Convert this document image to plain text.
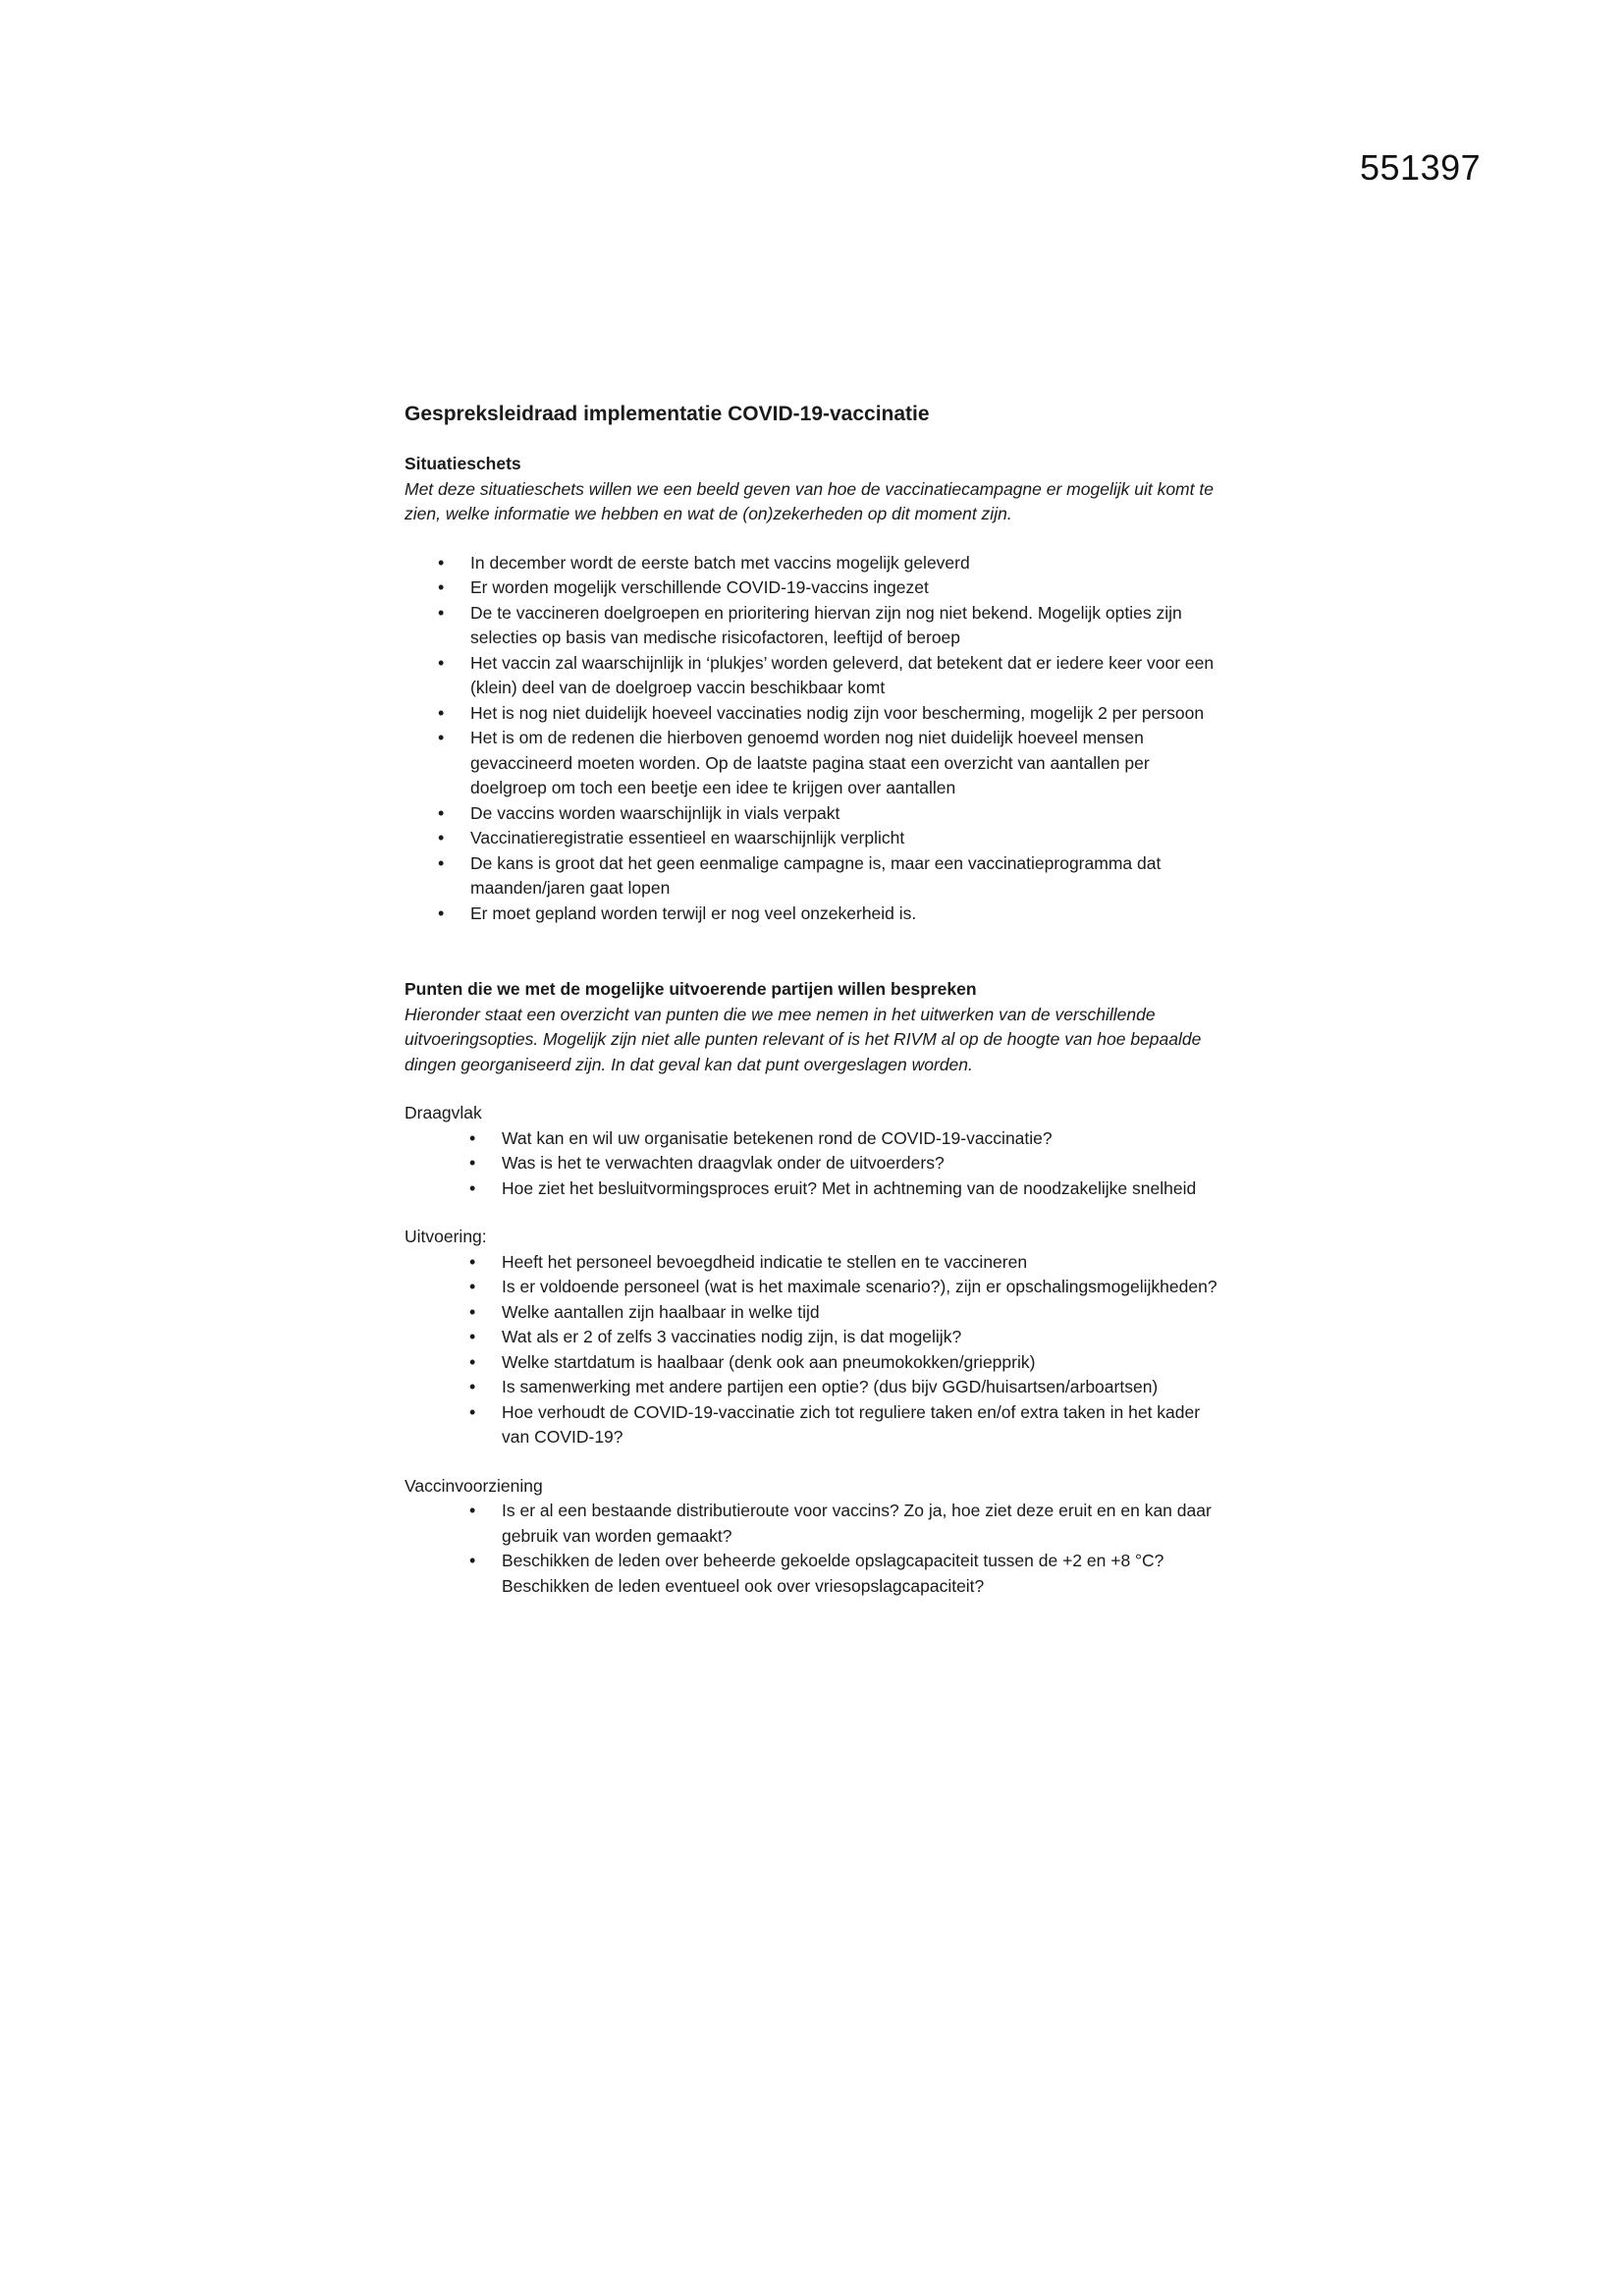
551397
Gespreksleidraad implementatie COVID-19-vaccinatie

Situatieschets

Met deze situatieschets willen we een beeld geven van hoe de vaccinatiecampagne er mogelijk uit komt te zien, welke informatie we hebben en wat de (on)zekerheden op dit moment zijn.

• In december wordt de eerste batch met vaccins mogelijk geleverd
• Er worden mogelijk verschillende COVID-19-vaccins ingezet
• De te vaccineren doelgroepen en prioritering hiervan zijn nog niet bekend. Mogelijk opties zijn selecties op basis van medische risicofactoren, leeftijd of beroep
• Het vaccin zal waarschijnlijk in ‘plukjes’ worden geleverd, dat betekent dat er iedere keer voor een (klein) deel van de doelgroep vaccin beschikbaar komt
• Het is nog niet duidelijk hoeveel vaccinaties nodig zijn voor bescherming, mogelijk 2 per persoon
• Het is om de redenen die hierboven genoemd worden nog niet duidelijk hoeveel mensen gevaccineerd moeten worden. Op de laatste pagina staat een overzicht van aantallen per doelgroep om toch een beetje een idee te krijgen over aantallen
• De vaccins worden waarschijnlijk in vials verpakt
• Vaccinatieregistratie essentieel en waarschijnlijk verplicht
• De kans is groot dat het geen eenmalige campagne is, maar een vaccinatieprogramma dat maanden/jaren gaat lopen
• Er moet gepland worden terwijl er nog veel onzekerheid is.

Punten die we met de mogelijke uitvoerende partijen willen bespreken

Hieronder staat een overzicht van punten die we mee nemen in het uitwerken van de verschillende uitvoeringsopties. Mogelijk zijn niet alle punten relevant of is het RIVM al op de hoogte van hoe bepaalde dingen georganiseerd zijn. In dat geval kan dat punt overgeslagen worden.

Draagvlak

• Wat kan en wil uw organisatie betekenen rond de COVID-19-vaccinatie?
• Was is het te verwachten draagvlak onder de uitvoerders?
• Hoe ziet het besluitvormingsproces eruit? Met in achtneming van de noodzakelijke snelheid

Uitvoering:

• Heeft het personeel bevoegdheid indicatie te stellen en te vaccineren
• Is er voldoende personeel (wat is het maximale scenario?), zijn er opschalingsmogelijkheden?
• Welke aantallen zijn haalbaar in welke tijd
• Wat als er 2 of zelfs 3 vaccinaties nodig zijn, is dat mogelijk?
• Welke startdatum is haalbaar (denk ook aan pneumokokken/griepprik)
• Is samenwerking met andere partijen een optie? (dus bijv GGD/huisartsen/arboartsen)
• Hoe verhoudt de COVID-19-vaccinatie zich tot reguliere taken en/of extra taken in het kader van COVID-19?

Vaccinvoorziening

• Is er al een bestaande distributieroute voor vaccins? Zo ja, hoe ziet deze eruit en en kan daar gebruik van worden gemaakt?
• Beschikken de leden over beheerde gekoelde opslagcapaciteit tussen de +2 en +8 °C? Beschikken de leden eventueel ook over vriesopslagcapaciteit?
